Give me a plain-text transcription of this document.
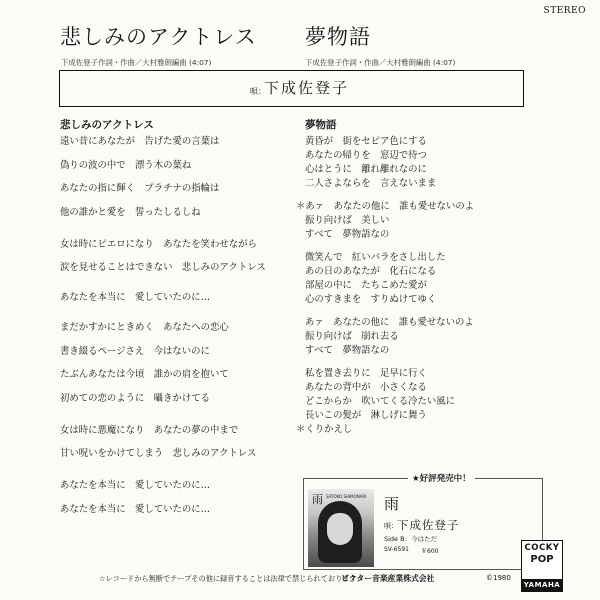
STEREO
悲しみのアクトレス 夢物語
下成佐登子作詞・作曲／大村雅朗編曲 (4:07)	下成佐登子作詞・作曲／大村雅朗編曲 (4:07)
唄：
下成佐登子
悲しみのアクトレス
遠い昔にあなたが　告げた愛の言葉は
偽りの波の中で　漂う木の葉ね
あなたの指に輝く　プラチナの指輪は
他の誰かと愛を　誓ったしるしね
女は時にピエロになり　あなたを笑わせながら
涙を見せることはできない　悲しみのアクトレス
あなたを本当に　愛していたのに…
まだかすかにときめく　あなたへの恋心
書き綴るページさえ　今はないのに
たぶんあなたは今頃　誰かの肩を抱いて
初めての恋のように　囁きかけてる
女は時に悪魔になり　あなたの夢の中まで
甘い呪いをかけてしまう　悲しみのアクトレス
あなたを本当に　愛していたのに…
あなたを本当に　愛していたのに…
夢物語
黄昏が　街をセピア色にする
あなたの帰りを　窓辺で待つ
心はとうに　離れ離れなのに
二人さよならを　言えないまま
＊あァ　あなたの他に　誰も愛せないのよ
振り向けば　美しい
すべて　夢物語なの
微笑んで　紅いバラをさし出した
あの日のあなたが　化石になる
部屋の中に　たちこめた愛が
心のすきまを　すりぬけてゆく
あァ　あなたの他に　誰も愛せないのよ
振り向けば　崩れ去る
すべて　夢物語なの
私を置き去りに　足早に行く
あなたの背中が　小さくなる
どこからか　吹いてくる冷たい風に
長いこの髪が　淋しげに舞う
＊くりかえし
★好評発売中！
雨 SATOKO SHIMONARI 雨
唄： 下成佐登子
Side B：今はただ
SV-6591 ￥600	COCKY
POP
YAMAHA
☆レコードから無断でテープその他に録音することは法律で禁じられております☆
ビクター音楽産業株式会社	©1980
